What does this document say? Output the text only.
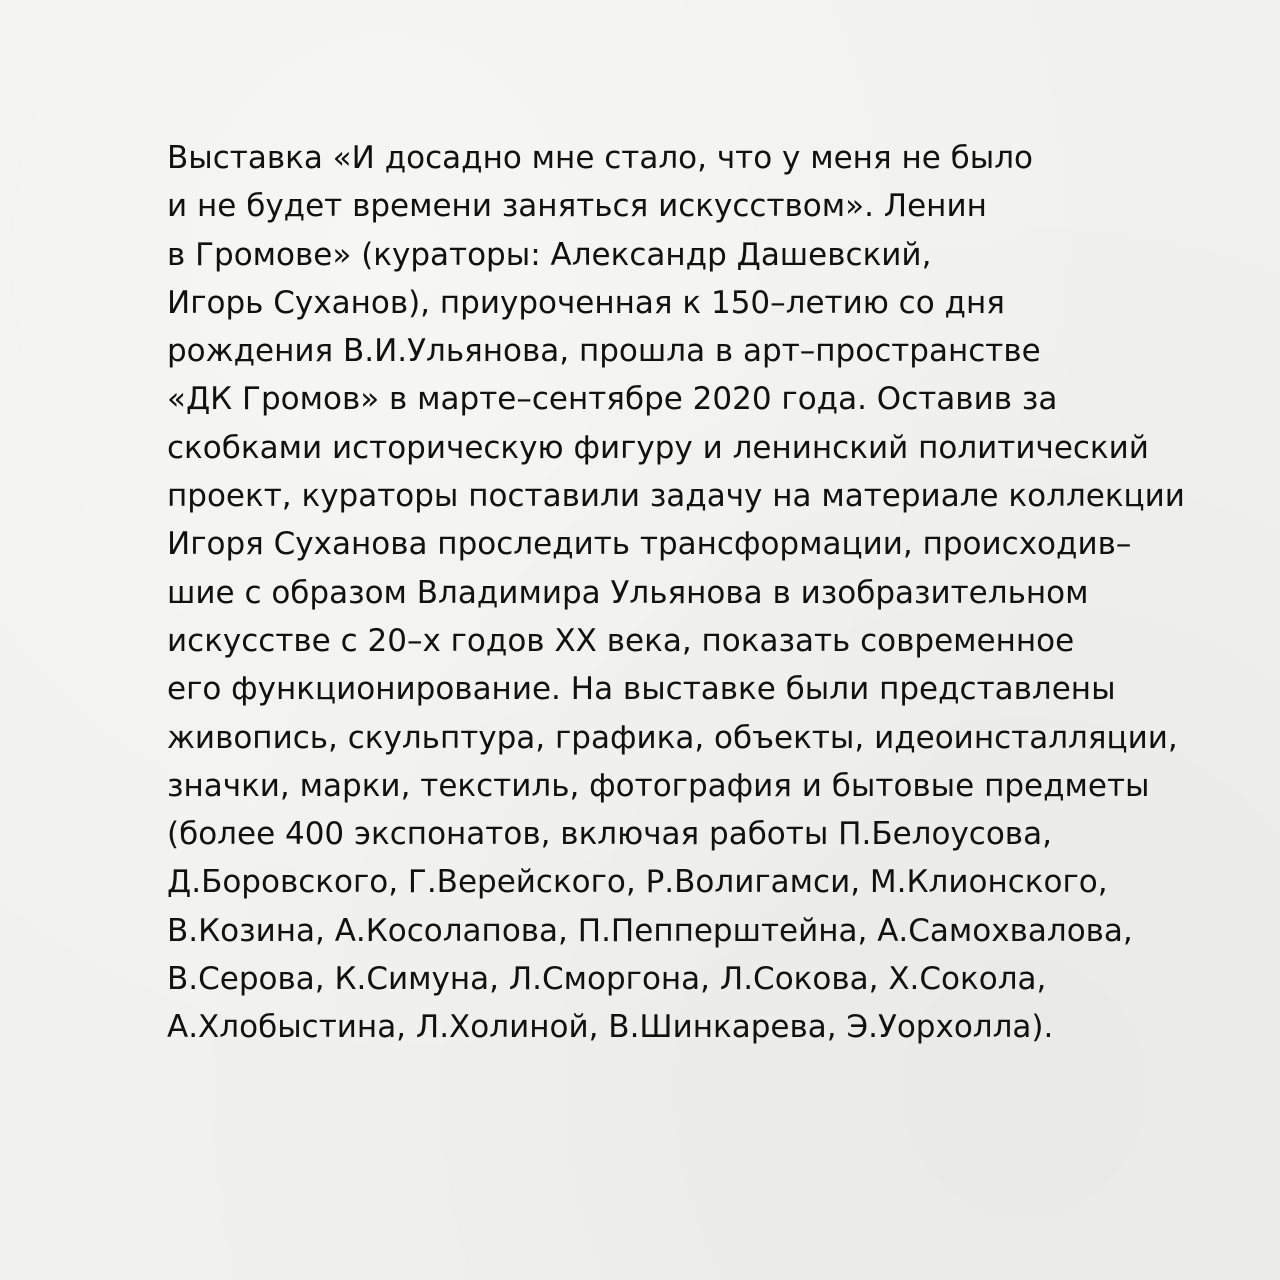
Выставка «И досадно мне стало, что у меня не было
и не будет времени заняться искусством». Ленин
в Громове» (кураторы: Александр Дашевский,
Игорь Суханов), приуроченная к 150–летию со дня
рождения В.И.Ульянова, прошла в арт–пространстве
«ДК Громов» в марте–сентябре 2020 года. Оставив за
скобками историческую фигуру и ленинский политический
проект, кураторы поставили задачу на материале коллекции
Игоря Суханова проследить трансформации, происходив–
шие с образом Владимира Ульянова в изобразительном
искусстве с 20–х годов XX века, показать современное
его функционирование. На выставке были представлены
живопись, скульптура, графика, объекты, идеоинсталляции,
значки, марки, текстиль, фотография и бытовые предметы
(более 400 экспонатов, включая работы П.Белоусова,
Д.Боровского, Г.Верейского, Р.Волигамси, М.Клионского,
В.Козина, А.Косолапова, П.Пепперштейна, А.Самохвалова,
В.Серова, К.Симуна, Л.Сморгона, Л.Сокова, Х.Сокола,
А.Хлобыстина, Л.Холиной, В.Шинкарева, Э.Уорхолла).
